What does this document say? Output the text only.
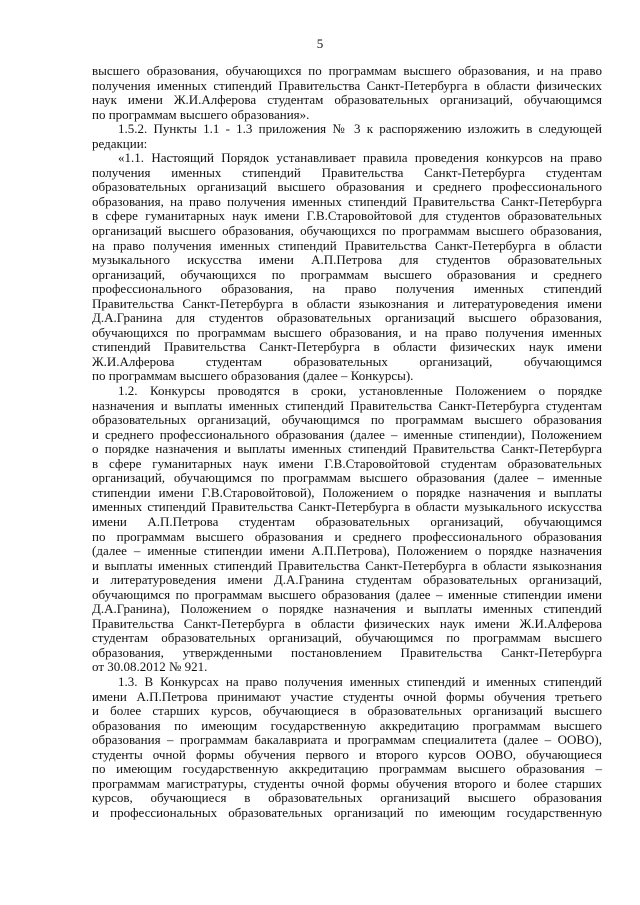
5

высшего образования, обучающихся по программам высшего образования, и на право
получения именных стипендий Правительства Санкт-Петербурга в области физических
наук имени Ж.И.Алферова студентам образовательных организаций, обучающимся
по программам высшего образования».

1.5.2. Пункты 1.1 - 1.3 приложения № 3 к распоряжению изложить в следующей
редакции:

«1.1. Настоящий Порядок устанавливает правила проведения конкурсов на право
получения именных стипендий Правительства Санкт-Петербурга студентам
образовательных организаций высшего образования и среднего профессионального
образования, на право получения именных стипендий Правительства Санкт-Петербурга
в сфере гуманитарных наук имени Г.В.Старовойтовой для студентов образовательных
организаций высшего образования, обучающихся по программам высшего образования,
на право получения именных стипендий Правительства Санкт-Петербурга в области
музыкального искусства имени А.П.Петрова для студентов образовательных
организаций, обучающихся по программам высшего образования и среднего
профессионального образования, на право получения именных стипендий
Правительства Санкт-Петербурга в области языкознания и литературоведения имени
Д.А.Гранина для студентов образовательных организаций высшего образования,
обучающихся по программам высшего образования, и на право получения именных
стипендий Правительства Санкт-Петербурга в области физических наук имени
Ж.И.Алферова студентам образовательных организаций, обучающимся
по программам высшего образования (далее – Конкурсы).

1.2. Конкурсы проводятся в сроки, установленные Положением о порядке
назначения и выплаты именных стипендий Правительства Санкт-Петербурга студентам
образовательных организаций, обучающимся по программам высшего образования
и среднего профессионального образования (далее – именные стипендии), Положением
о порядке назначения и выплаты именных стипендий Правительства Санкт-Петербурга
в сфере гуманитарных наук имени Г.В.Старовойтовой студентам образовательных
организаций, обучающимся по программам высшего образования (далее – именные
стипендии имени Г.В.Старовойтовой), Положением о порядке назначения и выплаты
именных стипендий Правительства Санкт-Петербурга в области музыкального искусства
имени А.П.Петрова студентам образовательных организаций, обучающимся
по программам высшего образования и среднего профессионального образования
(далее – именные стипендии имени А.П.Петрова), Положением о порядке назначения
и выплаты именных стипендий Правительства Санкт-Петербурга в области языкознания
и литературоведения имени Д.А.Гранина студентам образовательных организаций,
обучающимся по программам высшего образования (далее – именные стипендии имени
Д.А.Гранина), Положением о порядке назначения и выплаты именных стипендий
Правительства Санкт-Петербурга в области физических наук имени Ж.И.Алферова
студентам образовательных организаций, обучающимся по программам высшего
образования, утвержденными постановлением Правительства Санкт-Петербурга
от 30.08.2012 № 921.

1.3. В Конкурсах на право получения именных стипендий и именных стипендий
имени А.П.Петрова принимают участие студенты очной формы обучения третьего
и более старших курсов, обучающиеся в образовательных организаций высшего
образования по имеющим государственную аккредитацию программам высшего
образования – программам бакалавриата и программам специалитета (далее – ООВО),
студенты очной формы обучения первого и второго курсов ООВО, обучающиеся
по имеющим государственную аккредитацию программам высшего образования –
программам магистратуры, студенты очной формы обучения второго и более старших
курсов, обучающиеся в образовательных организаций высшего образования
и профессиональных образовательных организаций по имеющим государственную
